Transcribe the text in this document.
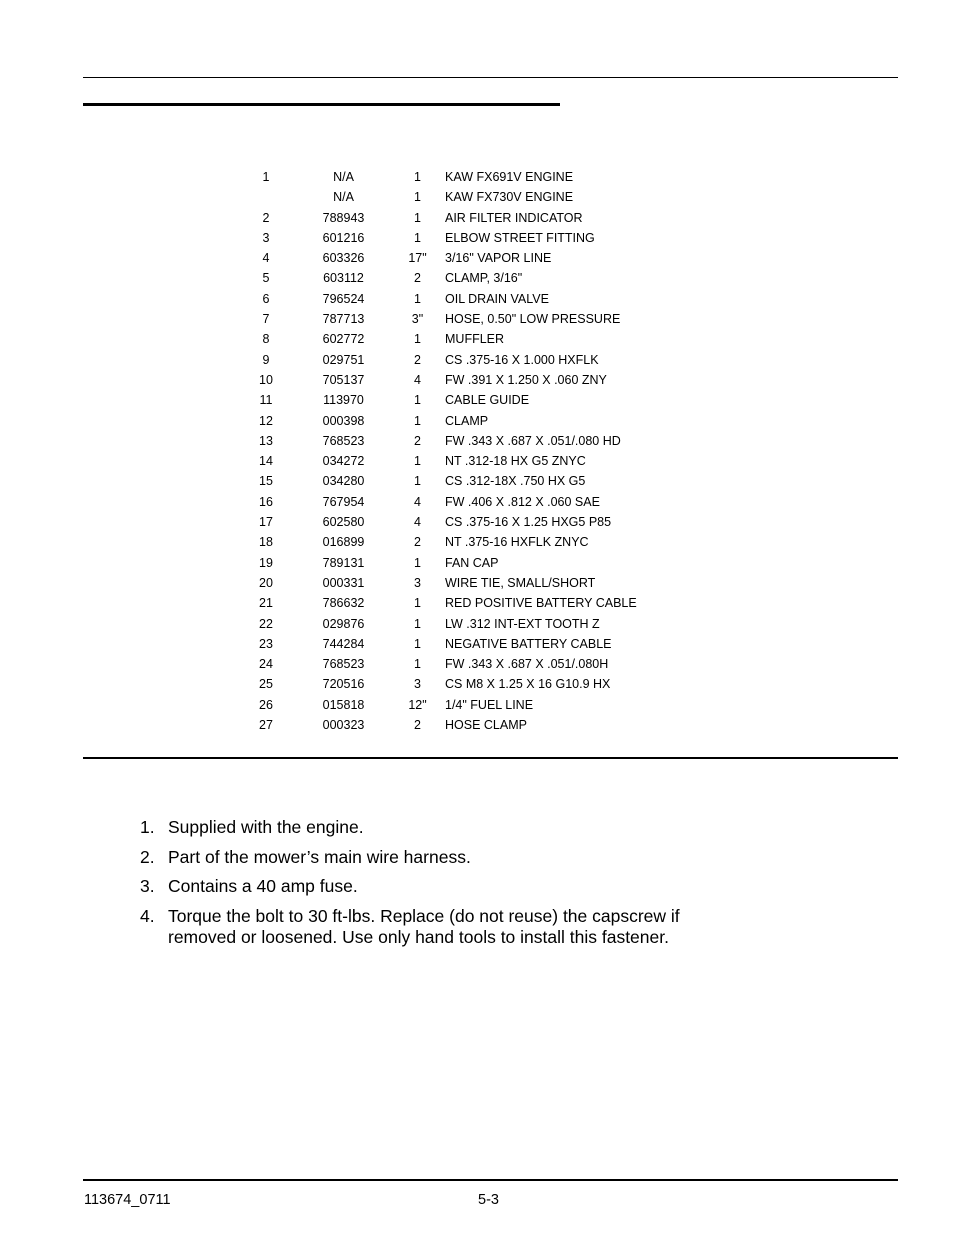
1	N/A	1	KAW FX691V ENGINE
	N/A	1	KAW FX730V ENGINE
2	788943	1	AIR FILTER INDICATOR
3	601216	1	ELBOW STREET FITTING
4	603326	17"	3/16" VAPOR LINE
5	603112	2	CLAMP, 3/16"
6	796524	1	OIL DRAIN VALVE
7	787713	3"	HOSE, 0.50" LOW PRESSURE
8	602772	1	MUFFLER
9	029751	2	CS .375-16 X 1.000 HXFLK
10	705137	4	FW .391 X 1.250 X .060 ZNY
11	113970	1	CABLE GUIDE
12	000398	1	CLAMP
13	768523	2	FW .343 X .687 X .051/.080 HD
14	034272	1	NT .312-18 HX G5 ZNYC
15	034280	1	CS .312-18X .750 HX G5
16	767954	4	FW .406 X .812 X .060 SAE
17	602580	4	CS .375-16 X 1.25 HXG5 P85
18	016899	2	NT .375-16 HXFLK ZNYC
19	789131	1	FAN CAP
20	000331	3	WIRE TIE, SMALL/SHORT
21	786632	1	RED POSITIVE BATTERY CABLE
22	029876	1	LW .312 INT-EXT TOOTH Z
23	744284	1	NEGATIVE BATTERY CABLE
24	768523	1	FW .343 X .687 X .051/.080H
25	720516	3	CS M8 X 1.25 X 16 G10.9 HX
26	015818	12"	1/4" FUEL LINE
27	000323	2	HOSE CLAMP
1. Supplied with the engine.
2. Part of the mower’s main wire harness.
3. Contains a 40 amp fuse.
4. Torque the bolt to 30 ft-lbs. Replace (do not reuse) the capscrew if removed or loosened. Use only hand tools to install this fastener.
113674_0711	5-3
